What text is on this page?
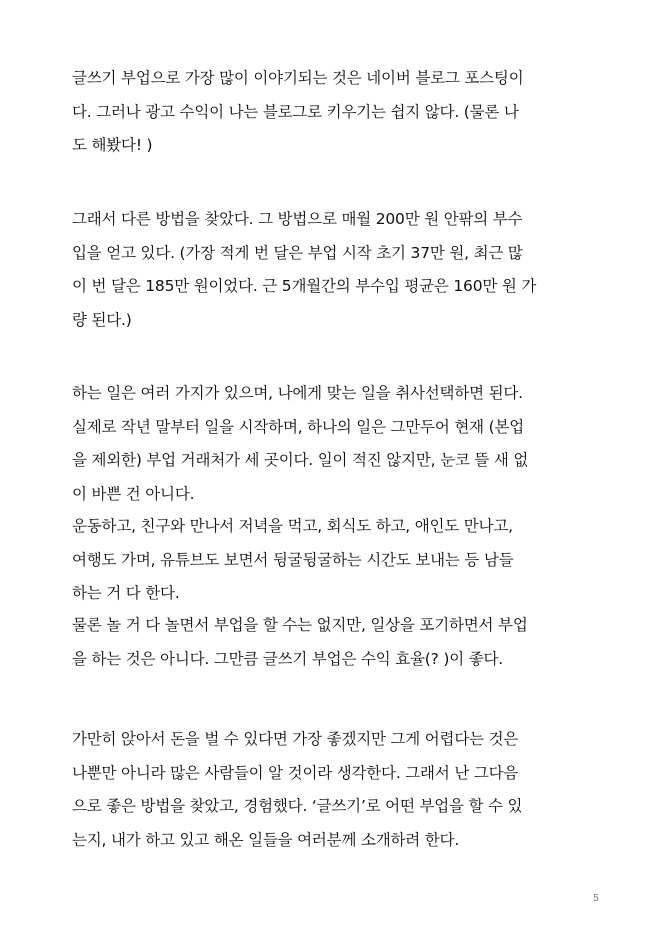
글쓰기 부업으로 가장 많이 이야기되는 것은 네이버 블로그 포스팅이
다. 그러나 광고 수익이 나는 블로그로 키우기는 쉽지 않다. (물론 나
도 해봤다! )
그래서 다른 방법을 찾았다. 그 방법으로 매월 200만 원 안팎의 부수
입을 얻고 있다. (가장 적게 번 달은 부업 시작 초기 37만 원, 최근 많
이 번 달은 185만 원이었다. 근 5개월간의 부수입 평균은 160만 원 가
량 된다.)
하는 일은 여러 가지가 있으며, 나에게 맞는 일을 취사선택하면 된다.
실제로 작년 말부터 일을 시작하며, 하나의 일은 그만두어 현재 (본업
을 제외한) 부업 거래처가 세 곳이다. 일이 적진 않지만, 눈코 뜰 새 없
이 바쁜 건 아니다.
운동하고, 친구와 만나서 저녁을 먹고, 회식도 하고, 애인도 만나고,
여행도 가며, 유튜브도 보면서 뒹굴뒹굴하는 시간도 보내는 등 남들
하는 거 다 한다.
물론 놀 거 다 놀면서 부업을 할 수는 없지만, 일상을 포기하면서 부업
을 하는 것은 아니다. 그만큼 글쓰기 부업은 수익 효율(? )이 좋다.
가만히 앉아서 돈을 벌 수 있다면 가장 좋겠지만 그게 어렵다는 것은
나뿐만 아니라 많은 사람들이 알 것이라 생각한다. 그래서 난 그다음
으로 좋은 방법을 찾았고, 경험했다. ‘글쓰기’로 어떤 부업을 할 수 있
는지, 내가 하고 있고 해온 일들을 여러분께 소개하려 한다.
5
